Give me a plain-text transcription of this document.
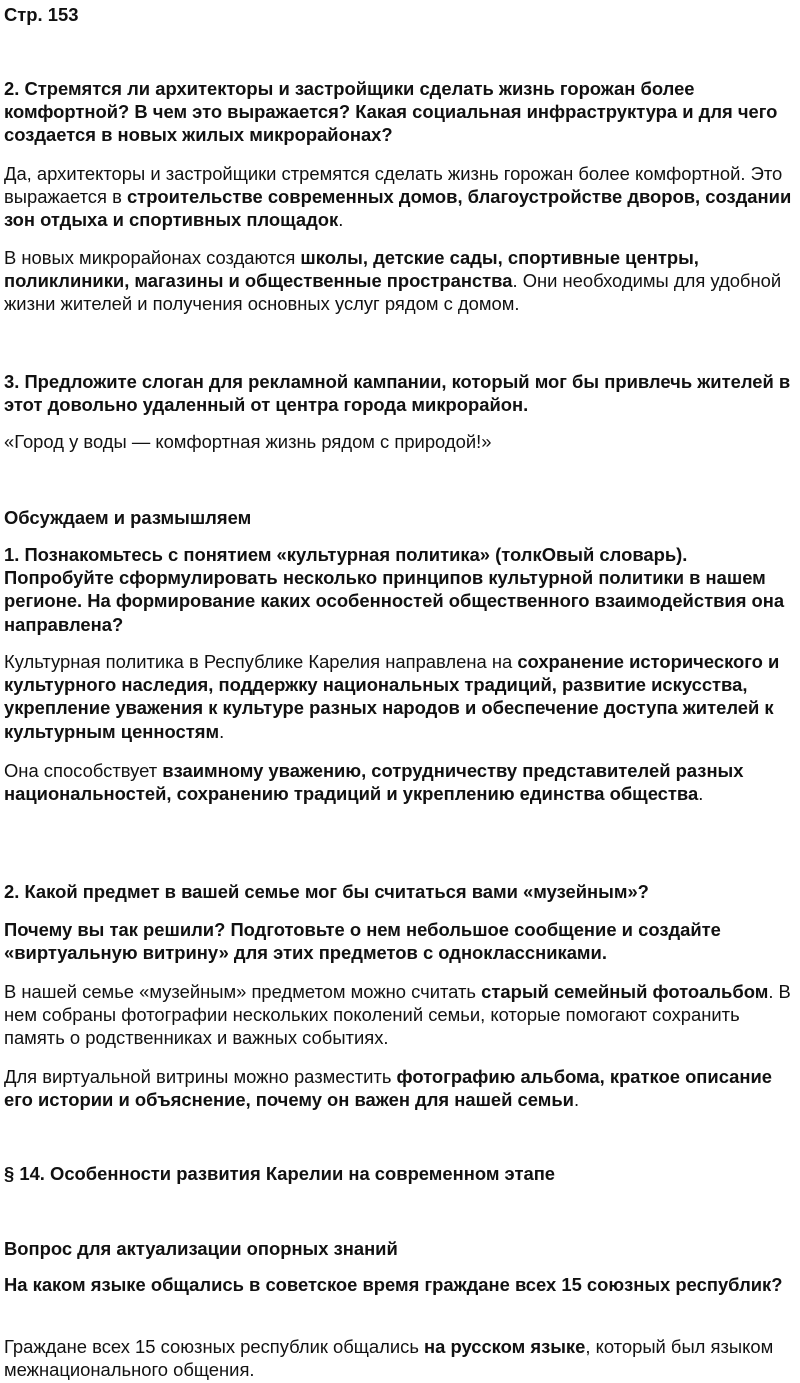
Стр. 153
2. Стремятся ли архитекторы и застройщики сделать жизнь горожан более комфортной? В чем это выражается? Какая социальная инфраструктура и для чего создается в новых жилых микрорайонах?

Да, архитекторы и застройщики стремятся сделать жизнь горожан более комфортной. Это выражается в строительстве современных домов, благоустройстве дворов, создании зон отдыха и спортивных площадок.

В новых микрорайонах создаются школы, детские сады, спортивные центры, поликлиники, магазины и общественные пространства. Они необходимы для удобной жизни жителей и получения основных услуг рядом с домом.

3. Предложите слоган для рекламной кампании, который мог бы привлечь жителей в этот довольно удаленный от центра города микрорайон.

«Город у воды — комфортная жизнь рядом с природой!»

Обсуждаем и размышляем
1. Познакомьтесь с понятием «культурная политика» (толкОвый словарь). Попробуйте сформулировать несколько принципов культурной политики в нашем регионе. На формирование каких особенностей общественного взаимодействия она направлена?

Культурная политика в Республике Карелия направлена на сохранение исторического и культурного наследия, поддержку национальных традиций, развитие искусства, укрепление уважения к культуре разных народов и обеспечение доступа жителей к культурным ценностям.

Она способствует взаимному уважению, сотрудничеству представителей разных национальностей, сохранению традиций и укреплению единства общества.

2. Какой предмет в вашей семье мог бы считаться вами «музейным»?
Почему вы так решили? Подготовьте о нем небольшое сообщение и создайте «виртуальную витрину» для этих предметов с одноклассниками.

В нашей семье «музейным» предметом можно считать старый семейный фотоальбом. В нем собраны фотографии нескольких поколений семьи, которые помогают сохранить память о родственниках и важных событиях.

Для виртуальной витрины можно разместить фотографию альбома, краткое описание его истории и объяснение, почему он важен для нашей семьи.

§ 14. Особенности развития Карелии на современном этапе
Вопрос для актуализации опорных знаний
На каком языке общались в советское время граждане всех 15 союзных республик?

Граждане всех 15 союзных республик общались на русском языке, который был языком межнационального общения.
